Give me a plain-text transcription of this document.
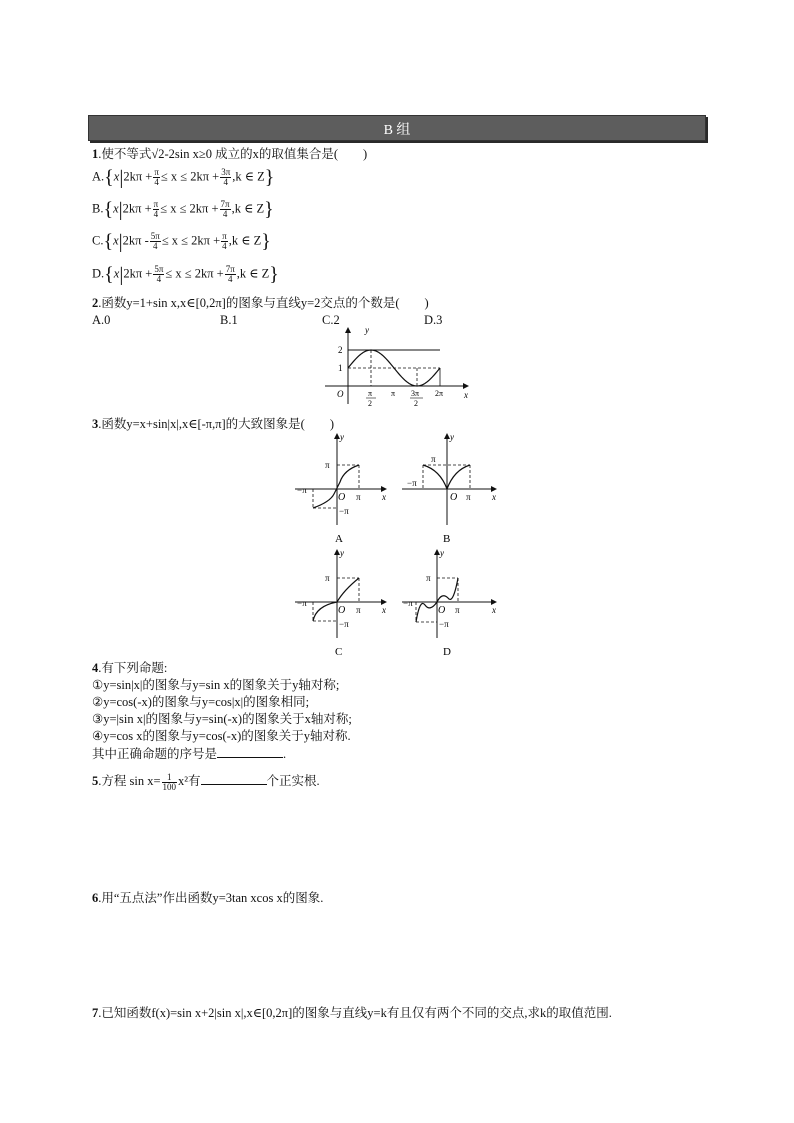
B 组
1.使不等式√2-2sin x≥0 成立的x的取值集合是(　　)
$A.\{x|2k\pi + \frac{\pi}{4} \le x \le 2k\pi + \frac{3\pi}{4} ,k$ ∈ Z}
$B.\{x|2k\pi + \frac{\pi}{4} \le x \le 2k\pi + \frac{7\pi}{4} ,k$ ∈ Z}
$C.\{x|2k\pi - \frac{5\pi}{4} \le x \le 2k\pi + \frac{\pi}{4} ,k$ ∈ Z}
$D.\{x|2k\pi + \frac{5\pi}{4} \le x \le 2k\pi + \frac{7\pi}{4} ,k$ ∈ Z}
2.函数y=1+sin x,x∈[0,2π]的图象与直线y=2交点的个数是(　　)
A.0	B.1	C.2	D.3
y
x
O
2
1
π
2
π 3π
2
2π
3.函数y=x+sin|x|,x∈[-π,π]的大致图象是(　　)
y
x
O
π
π
−π
−π
A
y
x
O
π
−π
π
B
y
x
O
π
π
−π
−π
C
y
x
O
π
π
−π
−π
D
4.有下列命题:
①y=sin|x|的图象与y=sin x的图象关于y轴对称;
②y=cos(-x)的图象与y=cos|x|的图象相同;
③y=|sin x|的图象与y=sin(-x)的图象关于x轴对称;
④y=cos x的图象与y=cos(-x)的图象关于y轴对称.
其中正确命题的序号是	.
5.方程 $\sin x= \frac{1}{100} x^2$有	个正实根.
6.用“五点法”作出函数y=3tan xcos x的图象.
7.已知函数f(x)=sin x+2|sin x|,x∈[0,2π]的图象与直线y=k有且仅有两个不同的交点,求k的取值范围.
